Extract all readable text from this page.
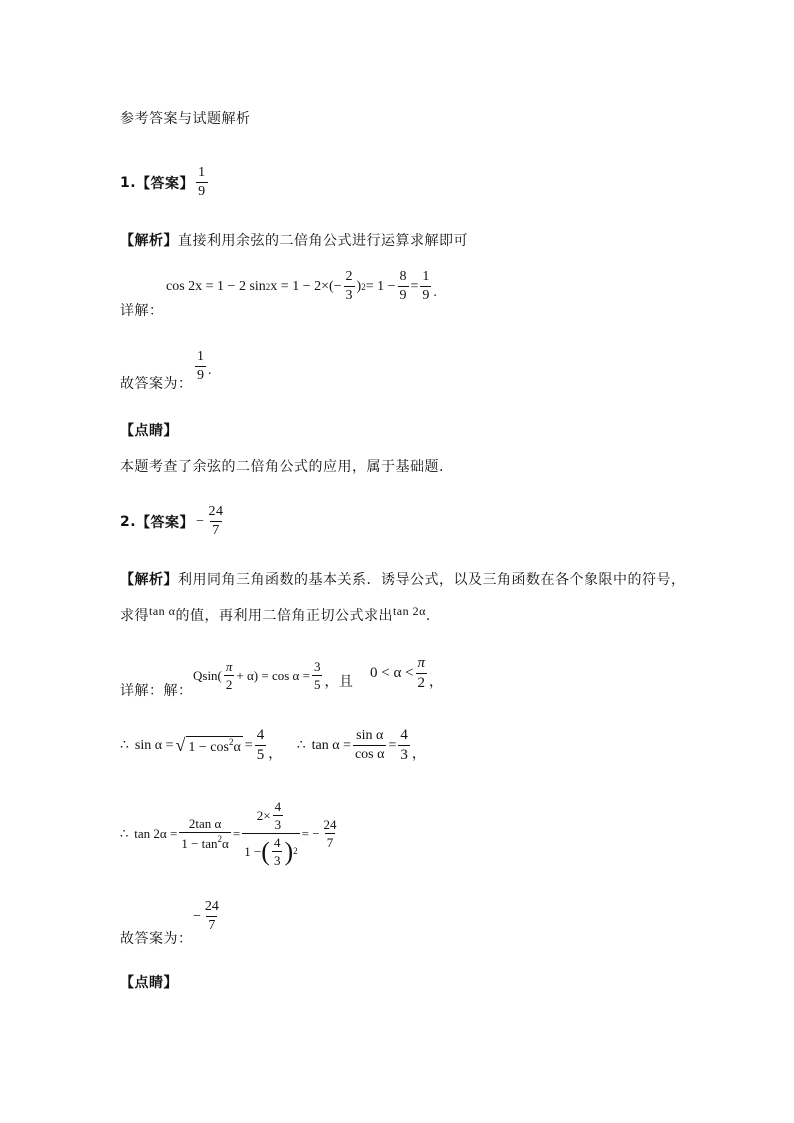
参考答案与试题解析
1. 【答案】 $\frac{1}{9}$
【解析】直接利用余弦的二倍角公式进行运算求解即可
详解：
cos 2x = 1 − 2 sin 2 $x = 1 - 2\times(- \frac{2}{3}$ ) $2 = 1 - \frac{8}{9} = \frac{1}{9}$ .
故答案为：
$\frac{1}{9}$ .
【点睛】
本题考查了余弦的二倍角公式的应用，属于基础题.
2. 【答案】 − $\frac{24}{7}$
【解析】利用同角三角函数的基本关系．诱导公式，以及三角函数在各个象限中的符号，
求得tan α的值，再利用二倍角正切公式求出tan 2α.
详解：解：
Q $\sin( \frac{\pi}{2} + \alpha) = \cos \alpha = \frac{3}{5}$ ，且
$0 < \alpha < \frac{\pi}{2}$ ，
∴ sin α = √ $1 - \cos^2\alpha = \frac{4}{5}$ ，
∴ $\tan \alpha = \frac{\text{sin α}}{\text{cos α}} = \frac{4}{3}$ ，
∴ $\tan 2\alpha = \frac{\text{2tan α}}{1 - \tan^2\alpha}$ =
$2\times \frac{4}{3}$
1 − ( $\frac{4}{3}$ ) 2
= − $\frac{24}{7}$
故答案为：
− $\frac{24}{7}$
【点睛】
